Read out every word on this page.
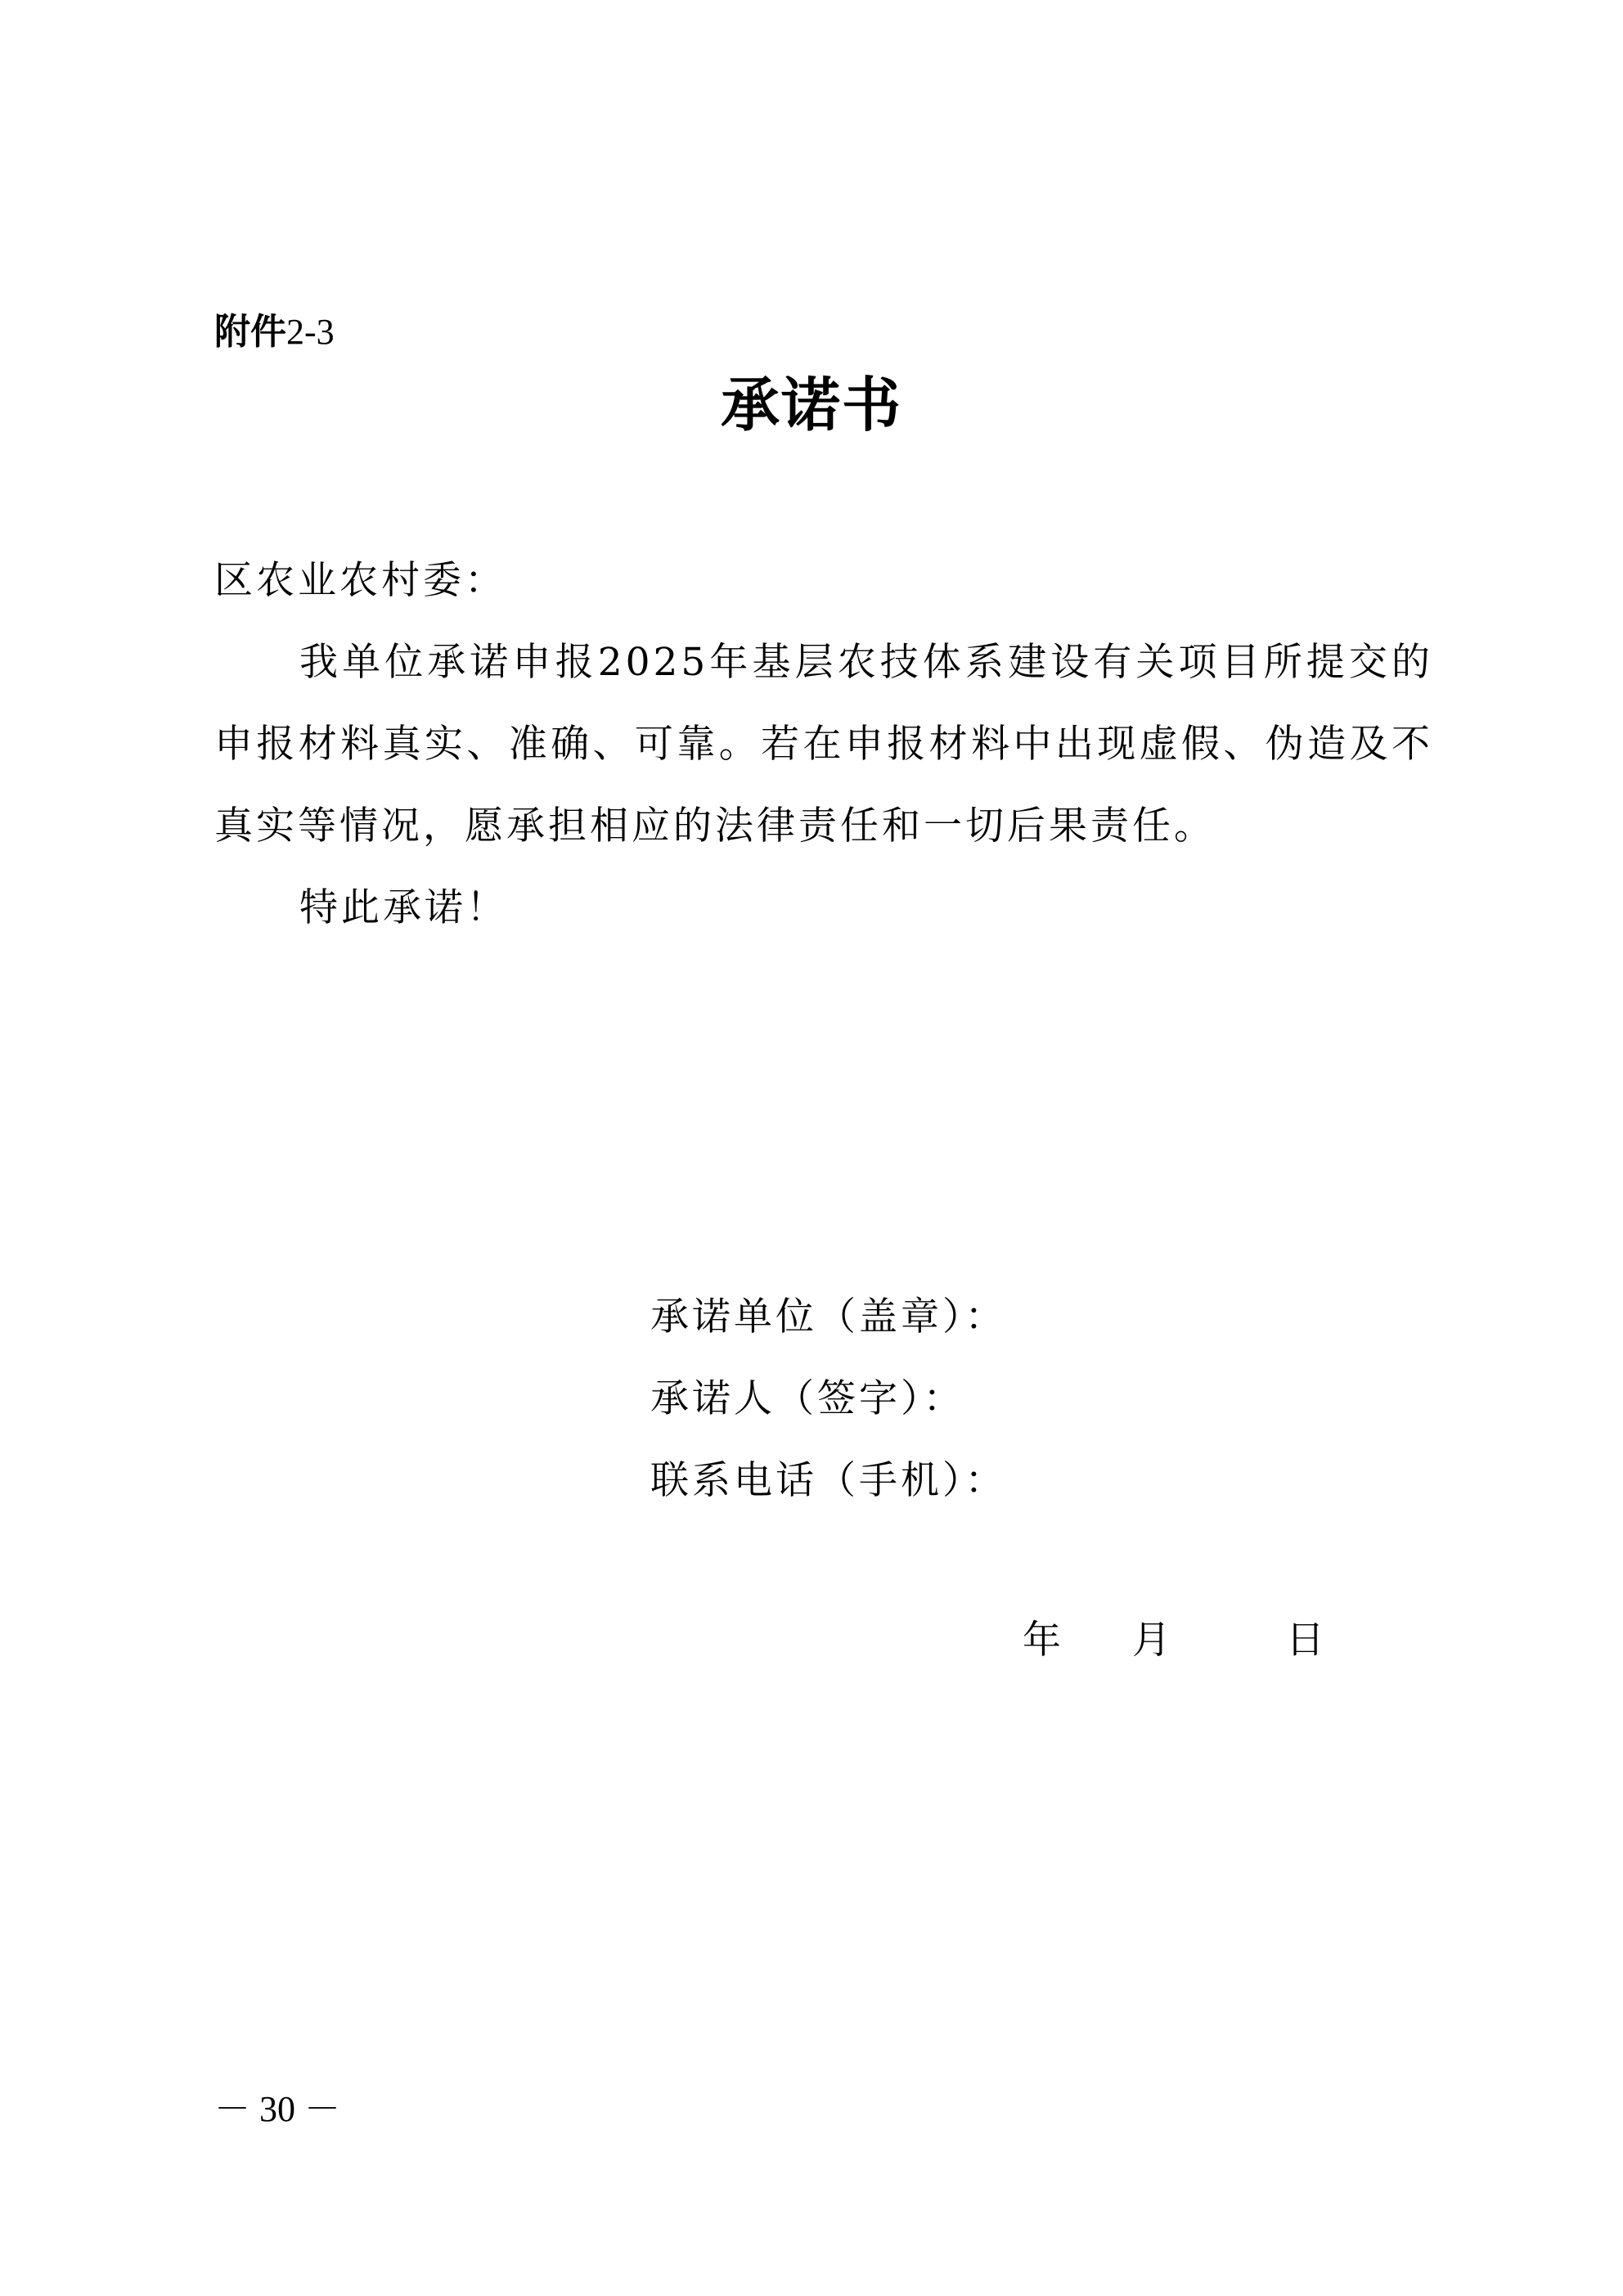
附件2-3
承诺书

区农业农村委：

我单位承诺申报2025年基层农技体系建设有关项目所提交的申报材料真实、准确、可靠。若在申报材料中出现虚假、伪造及不真实等情况，愿承担相应的法律责任和一切后果责任。

特此承诺！

承诺单位（盖章）：

承诺人（签字）：

联系电话（手机）：

年 月	日
－ 30 －
